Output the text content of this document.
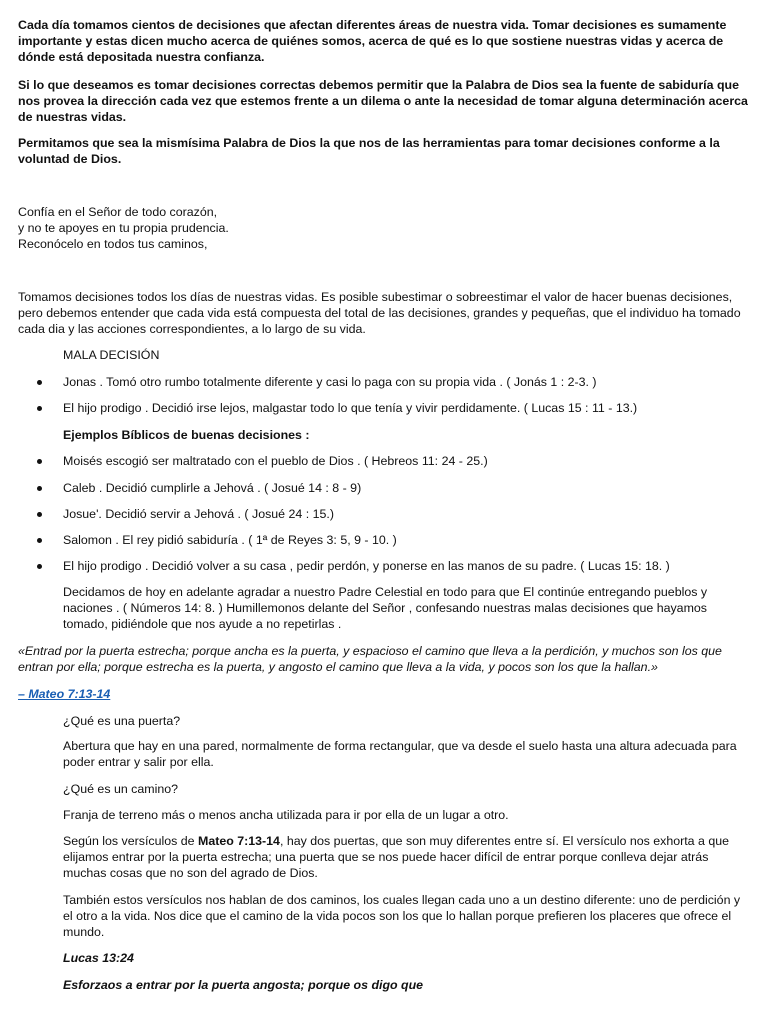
Cada día tomamos cientos de decisiones que afectan diferentes áreas de nuestra vida. Tomar decisiones es sumamente importante y estas dicen mucho acerca de quiénes somos, acerca de qué es lo que sostiene nuestras vidas y acerca de dónde está depositada nuestra confianza.

Si lo que deseamos es tomar decisiones correctas debemos permitir que la Palabra de Dios sea la fuente de sabiduría que nos provea la dirección cada vez que estemos frente a un dilema o ante la necesidad de tomar alguna determinación acerca de nuestras vidas.

Permitamos que sea la mismísima Palabra de Dios la que nos de las herramientas para tomar decisiones conforme a la voluntad de Dios.

Confía en el Señor de todo corazón,
y no te apoyes en tu propia prudencia.
Reconócelo en todos tus caminos,

Tomamos decisiones todos los días de nuestras vidas. Es posible subestimar o sobreestimar el valor de hacer buenas decisiones, pero debemos entender que cada vida está compuesta del total de las decisiones, grandes y pequeñas, que el individuo ha tomado cada dia y las acciones correspondientes, a lo largo de su vida.

MALA DECISIÓN

Jonas . Tomó otro rumbo totalmente diferente y casi lo paga con su propia vida . ( Jonás 1 : 2-3. )
El hijo prodigo . Decidió irse lejos, malgastar todo lo que tenía y vivir perdidamente. ( Lucas 15 : 11 - 13.)

Ejemplos Bíblicos de buenas decisiones :

Moisés escogió ser maltratado con el pueblo de Dios . ( Hebreos 11: 24 - 25.)
Caleb . Decidió cumplirle a Jehová . ( Josué 14 : 8 - 9)
Josue'. Decidió servir a Jehová . ( Josué 24 : 15.)
Salomon . El rey pidió sabiduría . ( 1ª de Reyes 3: 5, 9 - 10. )
El hijo prodigo . Decidió volver a su casa , pedir perdón, y ponerse en las manos de su padre. ( Lucas 15: 18. )

Decidamos de hoy en adelante agradar a nuestro Padre Celestial en todo para que El continúe entregando pueblos y naciones . ( Números 14: 8. ) Humillemonos delante del Señor , confesando nuestras malas decisiones que hayamos tomado, pidiéndole que nos ayude a no repetirlas .

«Entrad por la puerta estrecha; porque ancha es la puerta, y espacioso el camino que lleva a la perdición, y muchos son los que entran por ella; porque estrecha es la puerta, y angosto el camino que lleva a la vida, y pocos son los que la hallan.»

– Mateo 7:13-14

¿Qué es una puerta?

Abertura que hay en una pared, normalmente de forma rectangular, que va desde el suelo hasta una altura adecuada para poder entrar y salir por ella.

¿Qué es un camino?

Franja de terreno más o menos ancha utilizada para ir por ella de un lugar a otro.

Según los versículos de Mateo 7:13-14, hay dos puertas, que son muy diferentes entre sí. El versículo nos exhorta a que elijamos entrar por la puerta estrecha; una puerta que se nos puede hacer difícil de entrar porque conlleva dejar atrás muchas cosas que no son del agrado de Dios.

También estos versículos nos hablan de dos caminos, los cuales llegan cada uno a un destino diferente: uno de perdición y el otro a la vida. Nos dice que el camino de la vida pocos son los que lo hallan porque prefieren los placeres que ofrece el mundo.

Lucas 13:24

Esforzaos a entrar por la puerta angosta; porque os digo que
